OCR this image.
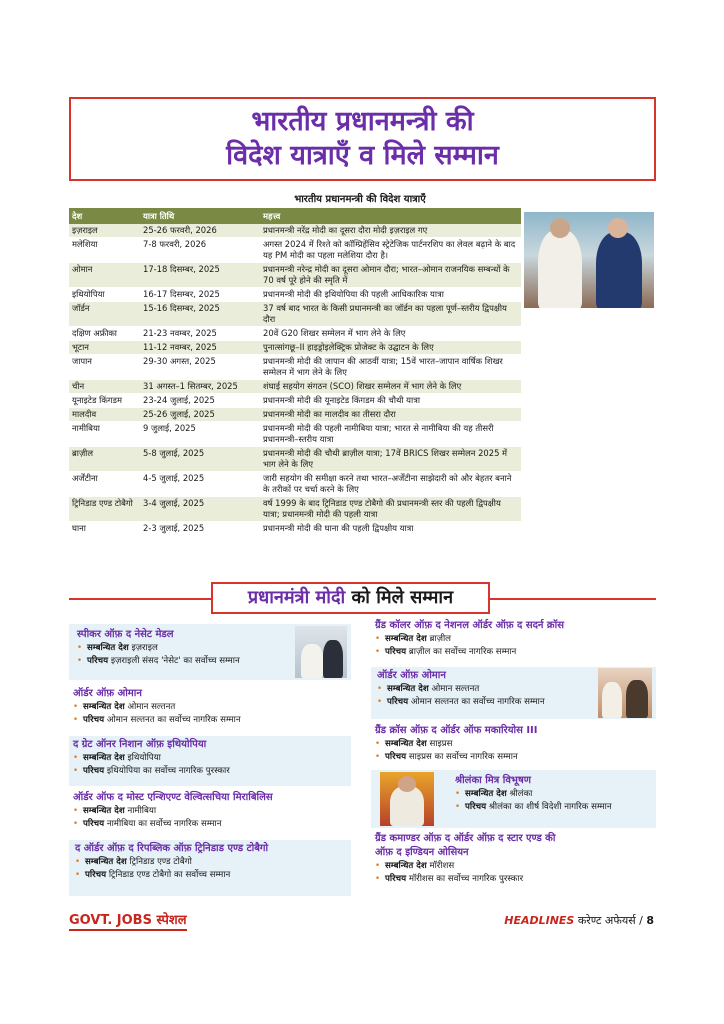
भारतीय प्रधानमन्त्री की
विदेश यात्राएँ व मिले सम्मान
भारतीय प्रधानमन्त्री की विदेश यात्राएँ
देश	यात्रा तिथि	महत्त्व
इज़राइल	25-26 फरवरी, 2026	प्रधानमन्त्री नरेंद्र मोदी का दूसरा दौरा मोदी इज़राइल गए
मलेशिया	7-8 फरवरी, 2026	अगस्त 2024 में रिश्ते को कॉम्प्रिहेंसिव स्ट्रेटेजिक पार्टनरशिप का लेवल बढ़ाने के बाद यह PM मोदी का पहला मलेशिया दौरा है।
ओमान	17-18 दिसम्बर, 2025	प्रधानमन्त्री नरेन्द्र मोदी का दूसरा ओमान दौरा; भारत–ओमान राजनयिक सम्बन्धों के 70 वर्ष पूरे होने की स्मृति में
इथियोपिया	16-17 दिसम्बर, 2025	प्रधानमन्त्री मोदी की इथियोपिया की पहली आधिकारिक यात्रा
जॉर्डन	15-16 दिसम्बर, 2025	37 वर्ष बाद भारत के किसी प्रधानमन्त्री का जॉर्डन का पहला पूर्ण–स्तरीय द्विपक्षीय दौरा
दक्षिण अफ्रीका	21-23 नवम्बर, 2025	20वें G20 शिखर सम्मेलन में भाग लेने के लिए
भूटान	11-12 नवम्बर, 2025	पुनात्सांगछू–II हाइड्रोइलेक्ट्रिक प्रोजेक्ट के उद्घाटन के लिए
जापान	29-30 अगस्त, 2025	प्रधानमन्त्री मोदी की जापान की आठवीं यात्रा; 15वें भारत–जापान वार्षिक शिखर सम्मेलन में भाग लेने के लिए
चीन	31 अगस्त–1 सितम्बर, 2025	शंघाई सहयोग संगठन (SCO) शिखर सम्मेलन में भाग लेने के लिए
यूनाइटेड किंगडम	23-24 जुलाई, 2025	प्रधानमन्त्री मोदी की यूनाइटेड किंगडम की चौथी यात्रा
मालदीव	25-26 जुलाई, 2025	प्रधानमन्त्री मोदी का मालदीव का तीसरा दौरा
नामीबिया	9 जुलाई, 2025	प्रधानमन्त्री मोदी की पहली नामीबिया यात्रा; भारत से नामीबिया की यह तीसरी प्रधानमन्त्री–स्तरीय यात्रा
ब्राज़ील	5-8 जुलाई, 2025	प्रधानमन्त्री मोदी की चौथी ब्राज़ील यात्रा; 17वें BRICS शिखर सम्मेलन 2025 में भाग लेने के लिए
अर्जेंटीना	4-5 जुलाई, 2025	जारी सहयोग की समीक्षा करने तथा भारत–अर्जेंटीना साझेदारी को और बेहतर बनाने के तरीकों पर चर्चा करने के लिए
ट्रिनिडाड एण्ड टोबैगो	3-4 जुलाई, 2025	वर्ष 1999 के बाद ट्रिनिडाड एण्ड टोबैगो की प्रधानमन्त्री स्तर की पहली द्विपक्षीय यात्रा; प्रधानमन्त्री मोदी की पहली यात्रा
घाना	2-3 जुलाई, 2025	प्रधानमन्त्री मोदी की घाना की पहली द्विपक्षीय यात्रा
प्रधानमंत्री मोदी को मिले सम्मान
स्पीकर ऑफ़ द नेसेट मेडल
• सम्बन्धित देश इज़राइल
• परिचय इज़राइली संसद 'नेसेट' का सर्वोच्च सम्मान
ऑर्डर ऑफ़ ओमान
• सम्बन्धित देश ओमान सल्तनत
• परिचय ओमान सल्तनत का सर्वोच्च नागरिक सम्मान
द ग्रेट ऑनर निशान ऑफ़ इथियोपिया
• सम्बन्धित देश इथियोपिया
• परिचय इथियोपिया का सर्वोच्च नागरिक पुरस्कार
ऑर्डर ऑफ द मोस्ट एन्शिएण्ट वेल्वित्सचिया मिराबिलिस
• सम्बन्धित देश नामीबिया
• परिचय नामीबिया का सर्वोच्च नागरिक सम्मान
द ऑर्डर ऑफ़ द रिपब्लिक ऑफ़ ट्रिनिडाड एण्ड टोबैगो
• सम्बन्धित देश ट्रिनिडाड एण्ड टोबैगो
• परिचय ट्रिनिडाड एण्ड टोबैगो का सर्वोच्च सम्मान
ग्रैंड कॉलर ऑफ़ द नेशनल ऑर्डर ऑफ़ द सदर्न क्रॉस
• सम्बन्धित देश ब्राज़ील
• परिचय ब्राज़ील का सर्वोच्च नागरिक सम्मान
ऑर्डर ऑफ़ ओमान
• सम्बन्धित देश ओमान सल्तनत
• परिचय ओमान सल्तनत का सर्वोच्च नागरिक सम्मान
ग्रैंड क्रॉस ऑफ़ द ऑर्डर ऑफ मकारियोस III
• सम्बन्धित देश साइप्रस
• परिचय साइप्रस का सर्वोच्च नागरिक सम्मान
श्रीलंका मित्र विभूषण
• सम्बन्धित देश श्रीलंका
• परिचय श्रीलंका का शीर्ष विदेशी नागरिक सम्मान
ग्रैंड कमाण्डर ऑफ़ द ऑर्डर ऑफ़ द स्टार एण्ड की ऑफ़ द इण्डियन ओसियन
• सम्बन्धित देश मॉरीशस
• परिचय मॉरीशस का सर्वोच्च नागरिक पुरस्कार
GOVT. JOBS स्पेशल	HEADLINES करेण्ट अफेयर्स / 8
